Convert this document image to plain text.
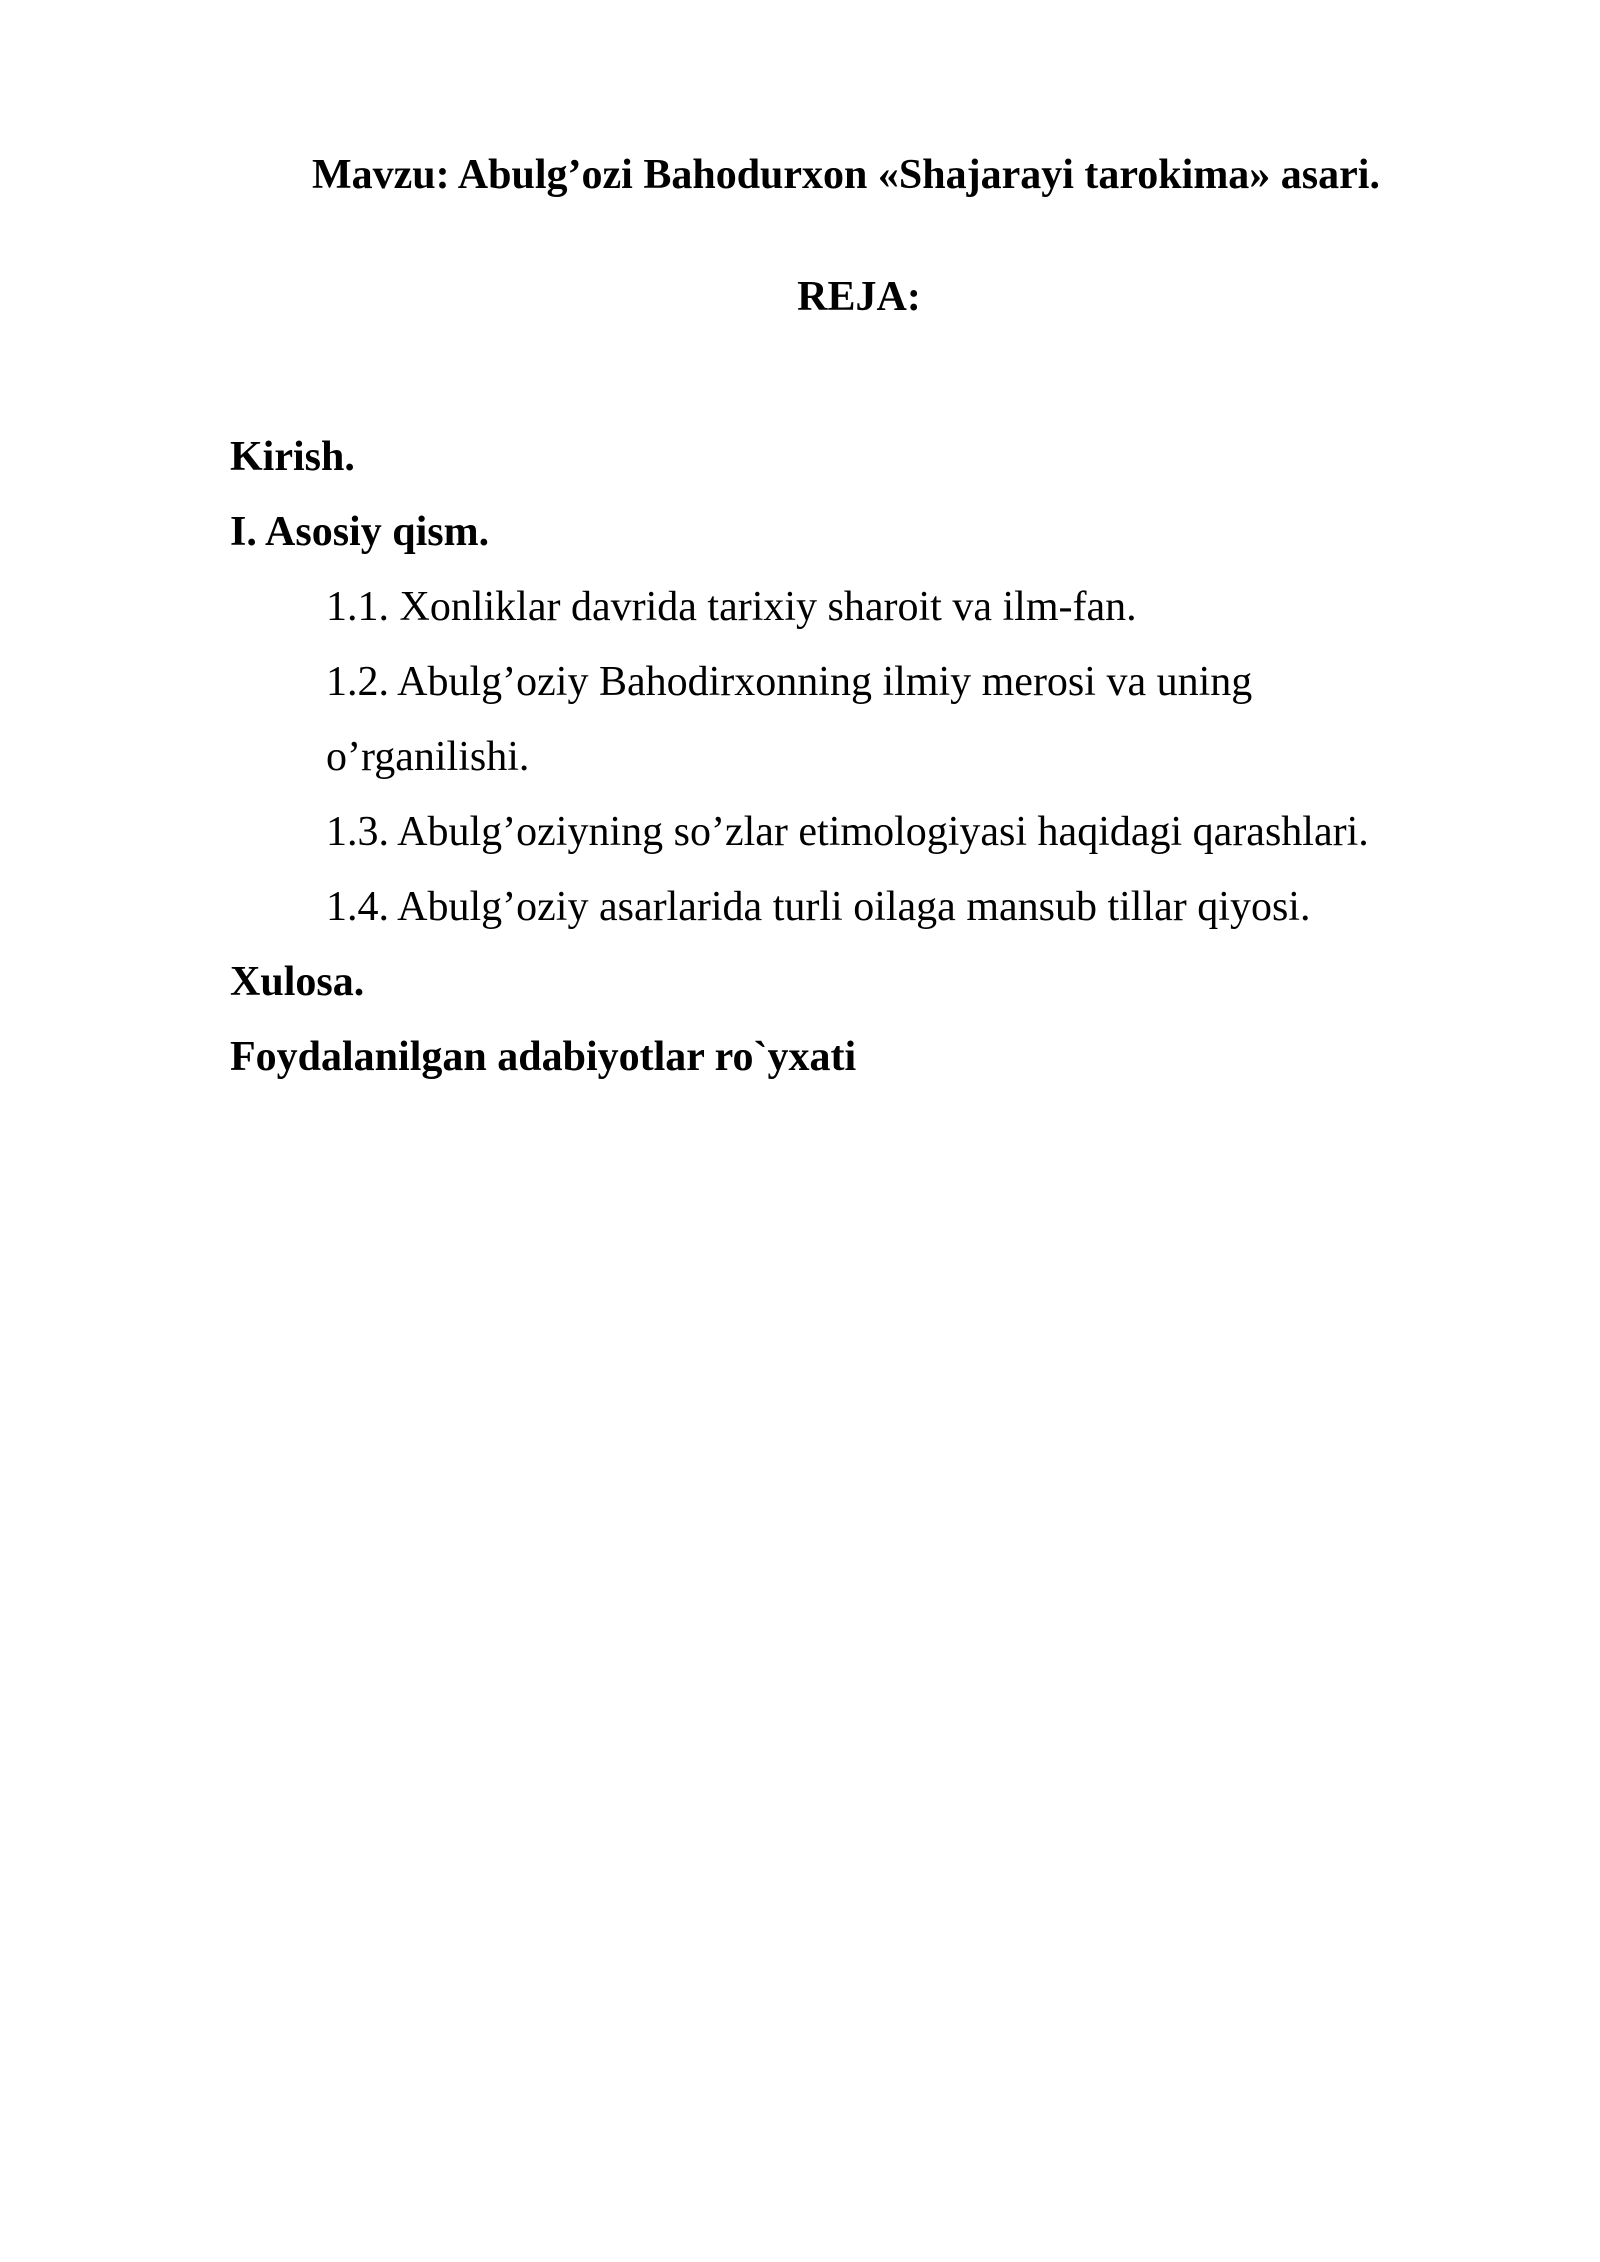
Mavzu: Abulg’ozi Bahodurxon «Shajarayi tarokima» asari.
REJA:
Kirish.
I. Asosiy qism.
1.1. Xonliklar davrida tarixiy sharoit va ilm-fan.
1.2. Abulg’oziy Bahodirxonning ilmiy merosi va uning
o’rganilishi.
1.3. Abulg’oziyning so’zlar etimologiyasi haqidagi qarashlari.
1.4. Abulg’oziy asarlarida turli oilaga mansub tillar qiyosi.
Xulosa.
Foydalanilgan adabiyotlar ro`yxati
